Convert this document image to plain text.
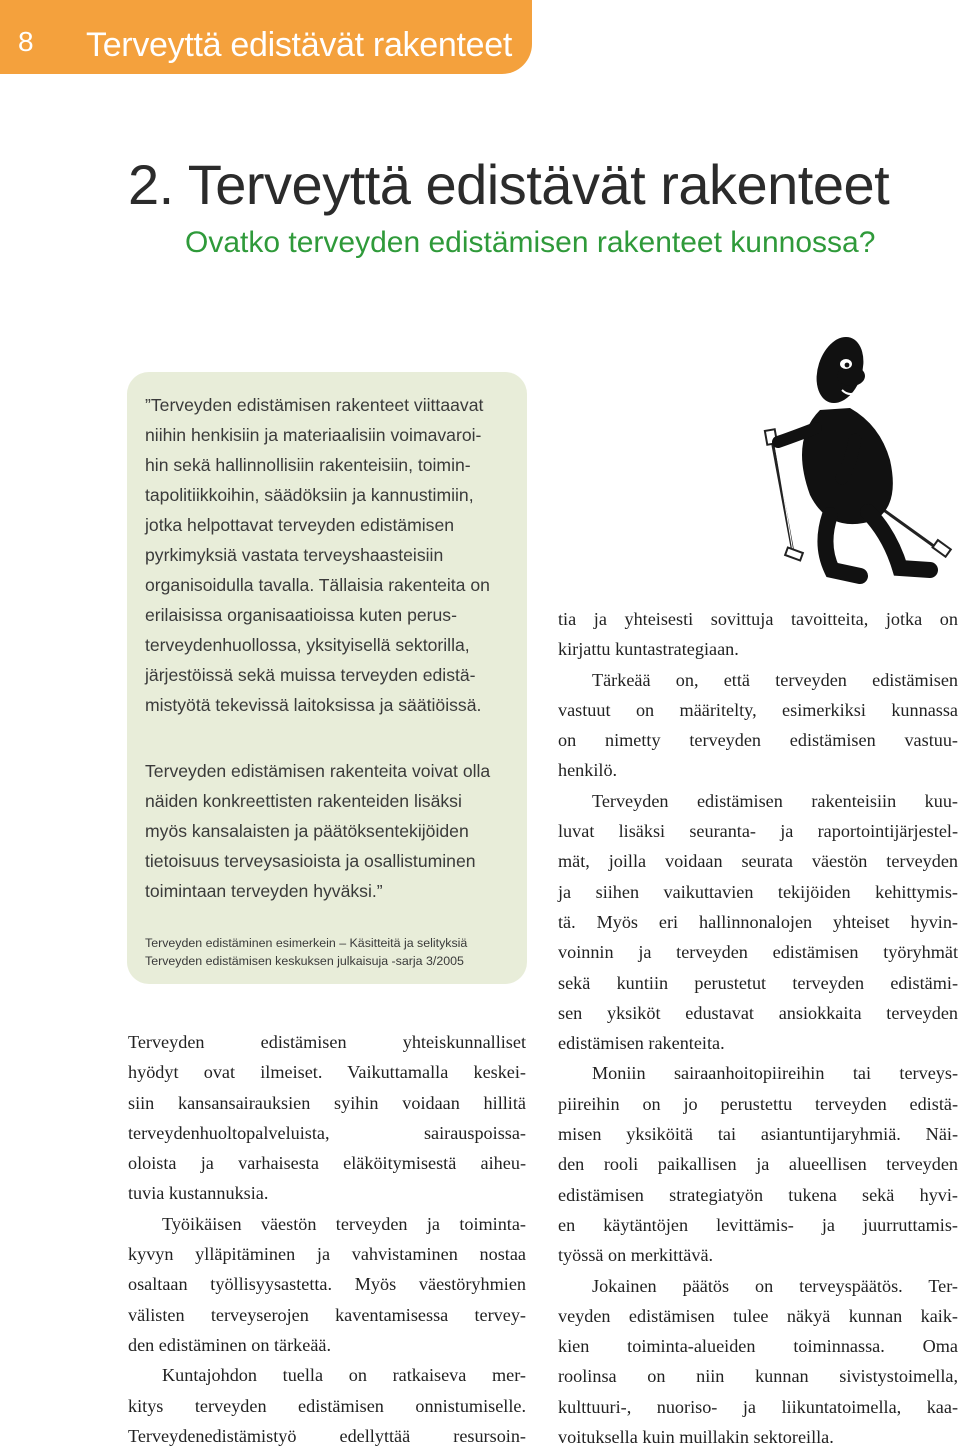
8 Terveyttä edistävät rakenteet
2. Terveyttä edistävät rakenteet
Ovatko terveyden edistämisen rakenteet kunnossa?

”Terveyden edistämisen rakenteet viittaavat
niihin henkisiin ja materiaalisiin voimavaroi-
hin sekä hallinnollisiin rakenteisiin, toimin-
tapolitiikkoihin, säädöksiin ja kannustimiin,
jotka helpottavat terveyden edistämisen
pyrkimyksiä vastata terveyshaasteisiin
organisoidulla tavalla. Tällaisia rakenteita on
erilaisissa organisaatioissa kuten perus-
terveydenhuollossa, yksityisellä sektorilla,
järjestöissä sekä muissa terveyden edistä-
mistyötä tekevissä laitoksissa ja säätiöissä.

Terveyden edistämisen rakenteita voivat olla
näiden konkreettisten rakenteiden lisäksi
myös kansalaisten ja päätöksentekijöiden
tietoisuus terveysasioista ja osallistuminen
toimintaan terveyden hyväksi.”

Terveyden edistäminen esimerkein – Käsitteitä ja selityksiä
Terveyden edistämisen keskuksen julkaisuja -sarja 3/2005
Terveyden edistämisen yhteiskunnalliset
hyödyt ovat ilmeiset. Vaikuttamalla keskei-
siin kansansairauksien syihin voidaan hillitä
terveydenhuoltopalveluista, sairauspoissa-
oloista ja varhaisesta eläköitymisestä aiheu-
tuvia kustannuksia.
Työikäisen väestön terveyden ja toiminta-
kyvyn ylläpitäminen ja vahvistaminen nostaa
osaltaan työllisyysastetta. Myös väestöryhmien
välisten terveyserojen kaventamisessa tervey-
den edistäminen on tärkeää.
Kuntajohdon tuella on ratkaiseva mer-
kitys terveyden edistämisen onnistumiselle.
Terveydenedistämistyö edellyttää resursoin-
tia ja yhteisesti sovittuja tavoitteita, jotka on
kirjattu kuntastrategiaan.
Tärkeää on, että terveyden edistämisen
vastuut on määritelty, esimerkiksi kunnassa
on nimetty terveyden edistämisen vastuu-
henkilö.
Terveyden edistämisen rakenteisiin kuu-
luvat lisäksi seuranta- ja raportointijärjestel-
mät, joilla voidaan seurata väestön terveyden
ja siihen vaikuttavien tekijöiden kehittymis-
tä. Myös eri hallinnonalojen yhteiset hyvin-
voinnin ja terveyden edistämisen työryhmät
sekä kuntiin perustetut terveyden edistämi-
sen yksiköt edustavat ansiokkaita terveyden
edistämisen rakenteita.
Moniin sairaanhoitopiireihin tai terveys-
piireihin on jo perustettu terveyden edistä-
misen yksiköitä tai asiantuntijaryhmiä. Näi-
den rooli paikallisen ja alueellisen terveyden
edistämisen strategiatyön tukena sekä hyvi-
en käytäntöjen levittämis- ja juurruttamis-
työssä on merkittävä.
Jokainen päätös on terveyspäätös. Ter-
veyden edistämisen tulee näkyä kunnan kaik-
kien toiminta-alueiden toiminnassa. Oma
roolinsa on niin kunnan sivistystoimella,
kulttuuri-, nuoriso- ja liikuntatoimella, kaa-
voituksella kuin muillakin sektoreilla.
